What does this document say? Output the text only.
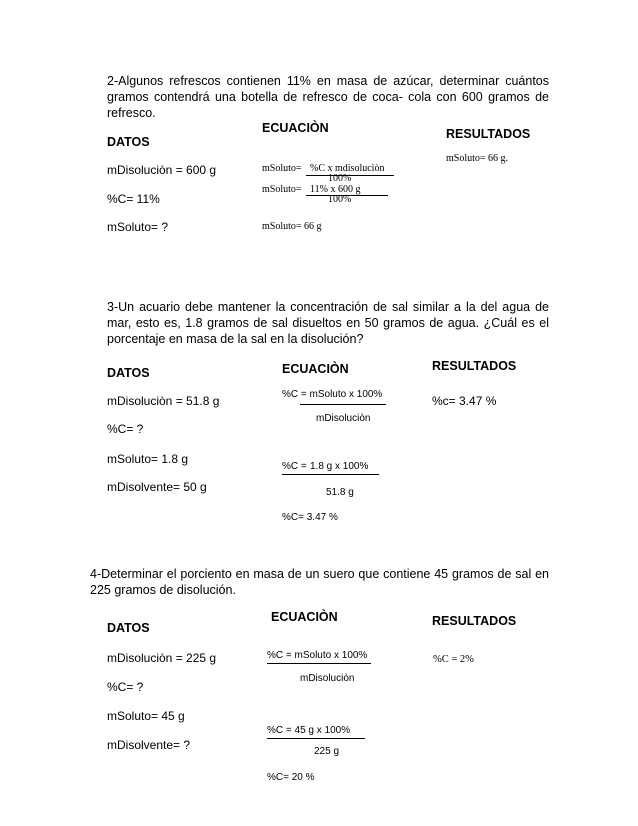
2-Algunos refrescos contienen 11% en masa de azúcar, determinar cuántos gramos contendrá una botella de refresco de coca- cola con 600 gramos de refresco.
ECUACIÒN
DATOS
RESULTADOS
mDisoluciòn = 600 g
%C= 11%
mSoluto= ?
mSoluto= %C x mdisoluciòn
100%
mSoluto= 11% x 600 g
100%
mSoluto= 66 g
mSoluto= 66 g.
3-Un acuario debe mantener la concentración de sal similar a la del agua de mar, esto es, 1.8 gramos de sal disueltos en 50 gramos de agua. ¿Cuál es el porcentaje en masa de la sal en la disolución?
DATOS	ECUACIÒN	RESULTADOS
mDisoluciòn = 51.8 g
%C= ?
mSoluto= 1.8 g
mDisolvente= 50 g
%C = mSoluto x 100%
mDisoluciòn
%C = 1.8 g x 100%
51.8 g
%C= 3.47 %
%c= 3.47 %
4-Determinar el porciento en masa de un suero que contiene 45 gramos de sal en 225 gramos de disolución.
ECUACIÒN
DATOS	RESULTADOS
mDisoluciòn = 225 g
%C= ?
mSoluto= 45 g
mDisolvente= ?
%C = mSoluto x 100%
mDisoluciòn
%C = 45 g x 100%
225 g
%C= 20 %
%C = 2%
